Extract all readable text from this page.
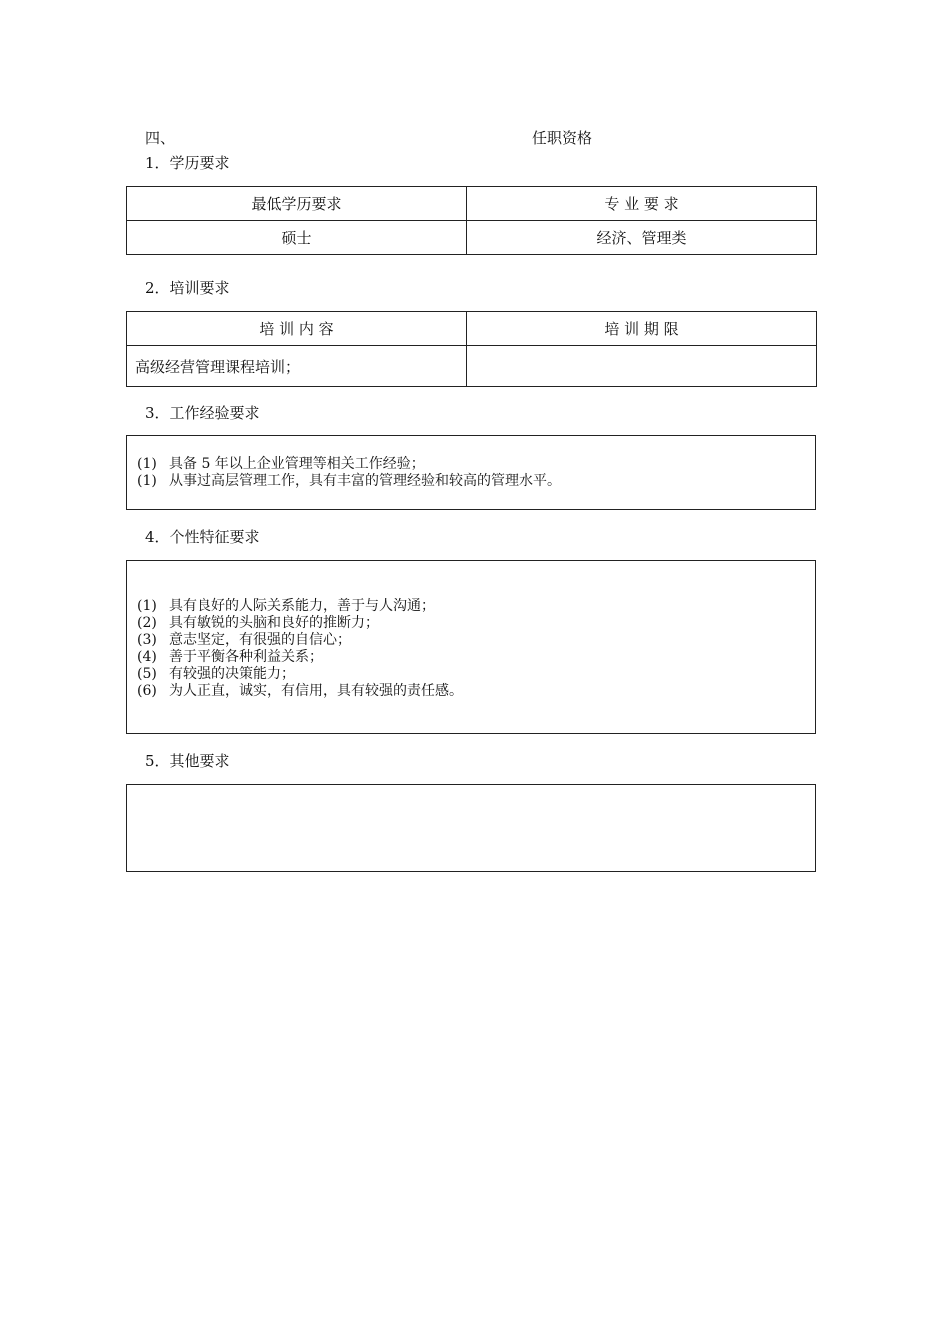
四、	任职资格
1．学历要求
最低学历要求	专 业 要 求
硕士	经济、管理类
2．培训要求
培 训 内 容	培 训 期 限
高级经营管理课程培训；	
3．工作经验要求
(1) 具备 5 年以上企业管理等相关工作经验；
(1) 从事过高层管理工作，具有丰富的管理经验和较高的管理水平。
4．个性特征要求
(1) 具有良好的人际关系能力，善于与人沟通；
(2) 具有敏锐的头脑和良好的推断力；
(3) 意志坚定，有很强的自信心；
(4) 善于平衡各种利益关系；
(5) 有较强的决策能力；
(6) 为人正直，诚实，有信用，具有较强的责任感。
5．其他要求
